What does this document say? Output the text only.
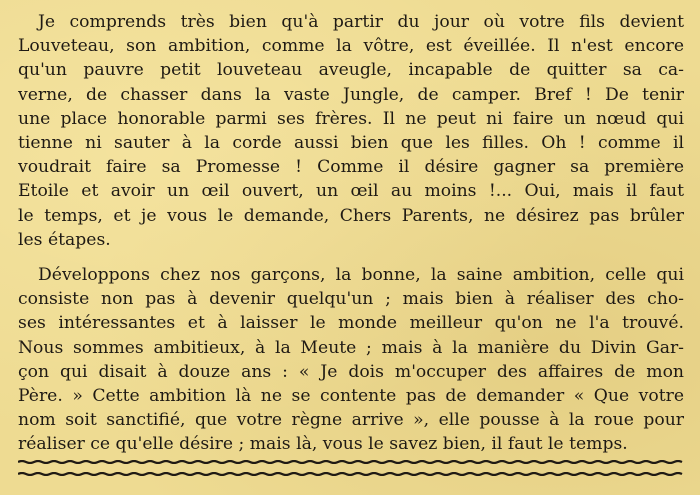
Je comprends très bien qu'à partir du jour où votre fils devient
Louveteau, son ambition, comme la vôtre, est éveillée. Il n'est encore
qu'un pauvre petit louveteau aveugle, incapable de quitter sa ca-
verne, de chasser dans la vaste Jungle, de camper. Bref ! De tenir
une place honorable parmi ses frères. Il ne peut ni faire un nœud qui
tienne ni sauter à la corde aussi bien que les filles. Oh ! comme il
voudrait faire sa Promesse ! Comme il désire gagner sa première
Etoile et avoir un œil ouvert, un œil au moins !... Oui, mais il faut
le temps, et je vous le demande, Chers Parents, ne désirez pas brûler
les étapes.
Développons chez nos garçons, la bonne, la saine ambition, celle qui
consiste non pas à devenir quelqu'un ; mais bien à réaliser des cho-
ses intéressantes et à laisser le monde meilleur qu'on ne l'a trouvé.
Nous sommes ambitieux, à la Meute ; mais à la manière du Divin Gar-
çon qui disait à douze ans : « Je dois m'occuper des affaires de mon
Père. » Cette ambition là ne se contente pas de demander « Que votre
nom soit sanctifié, que votre règne arrive », elle pousse à la roue pour
réaliser ce qu'elle désire ; mais là, vous le savez bien, il faut le temps.
